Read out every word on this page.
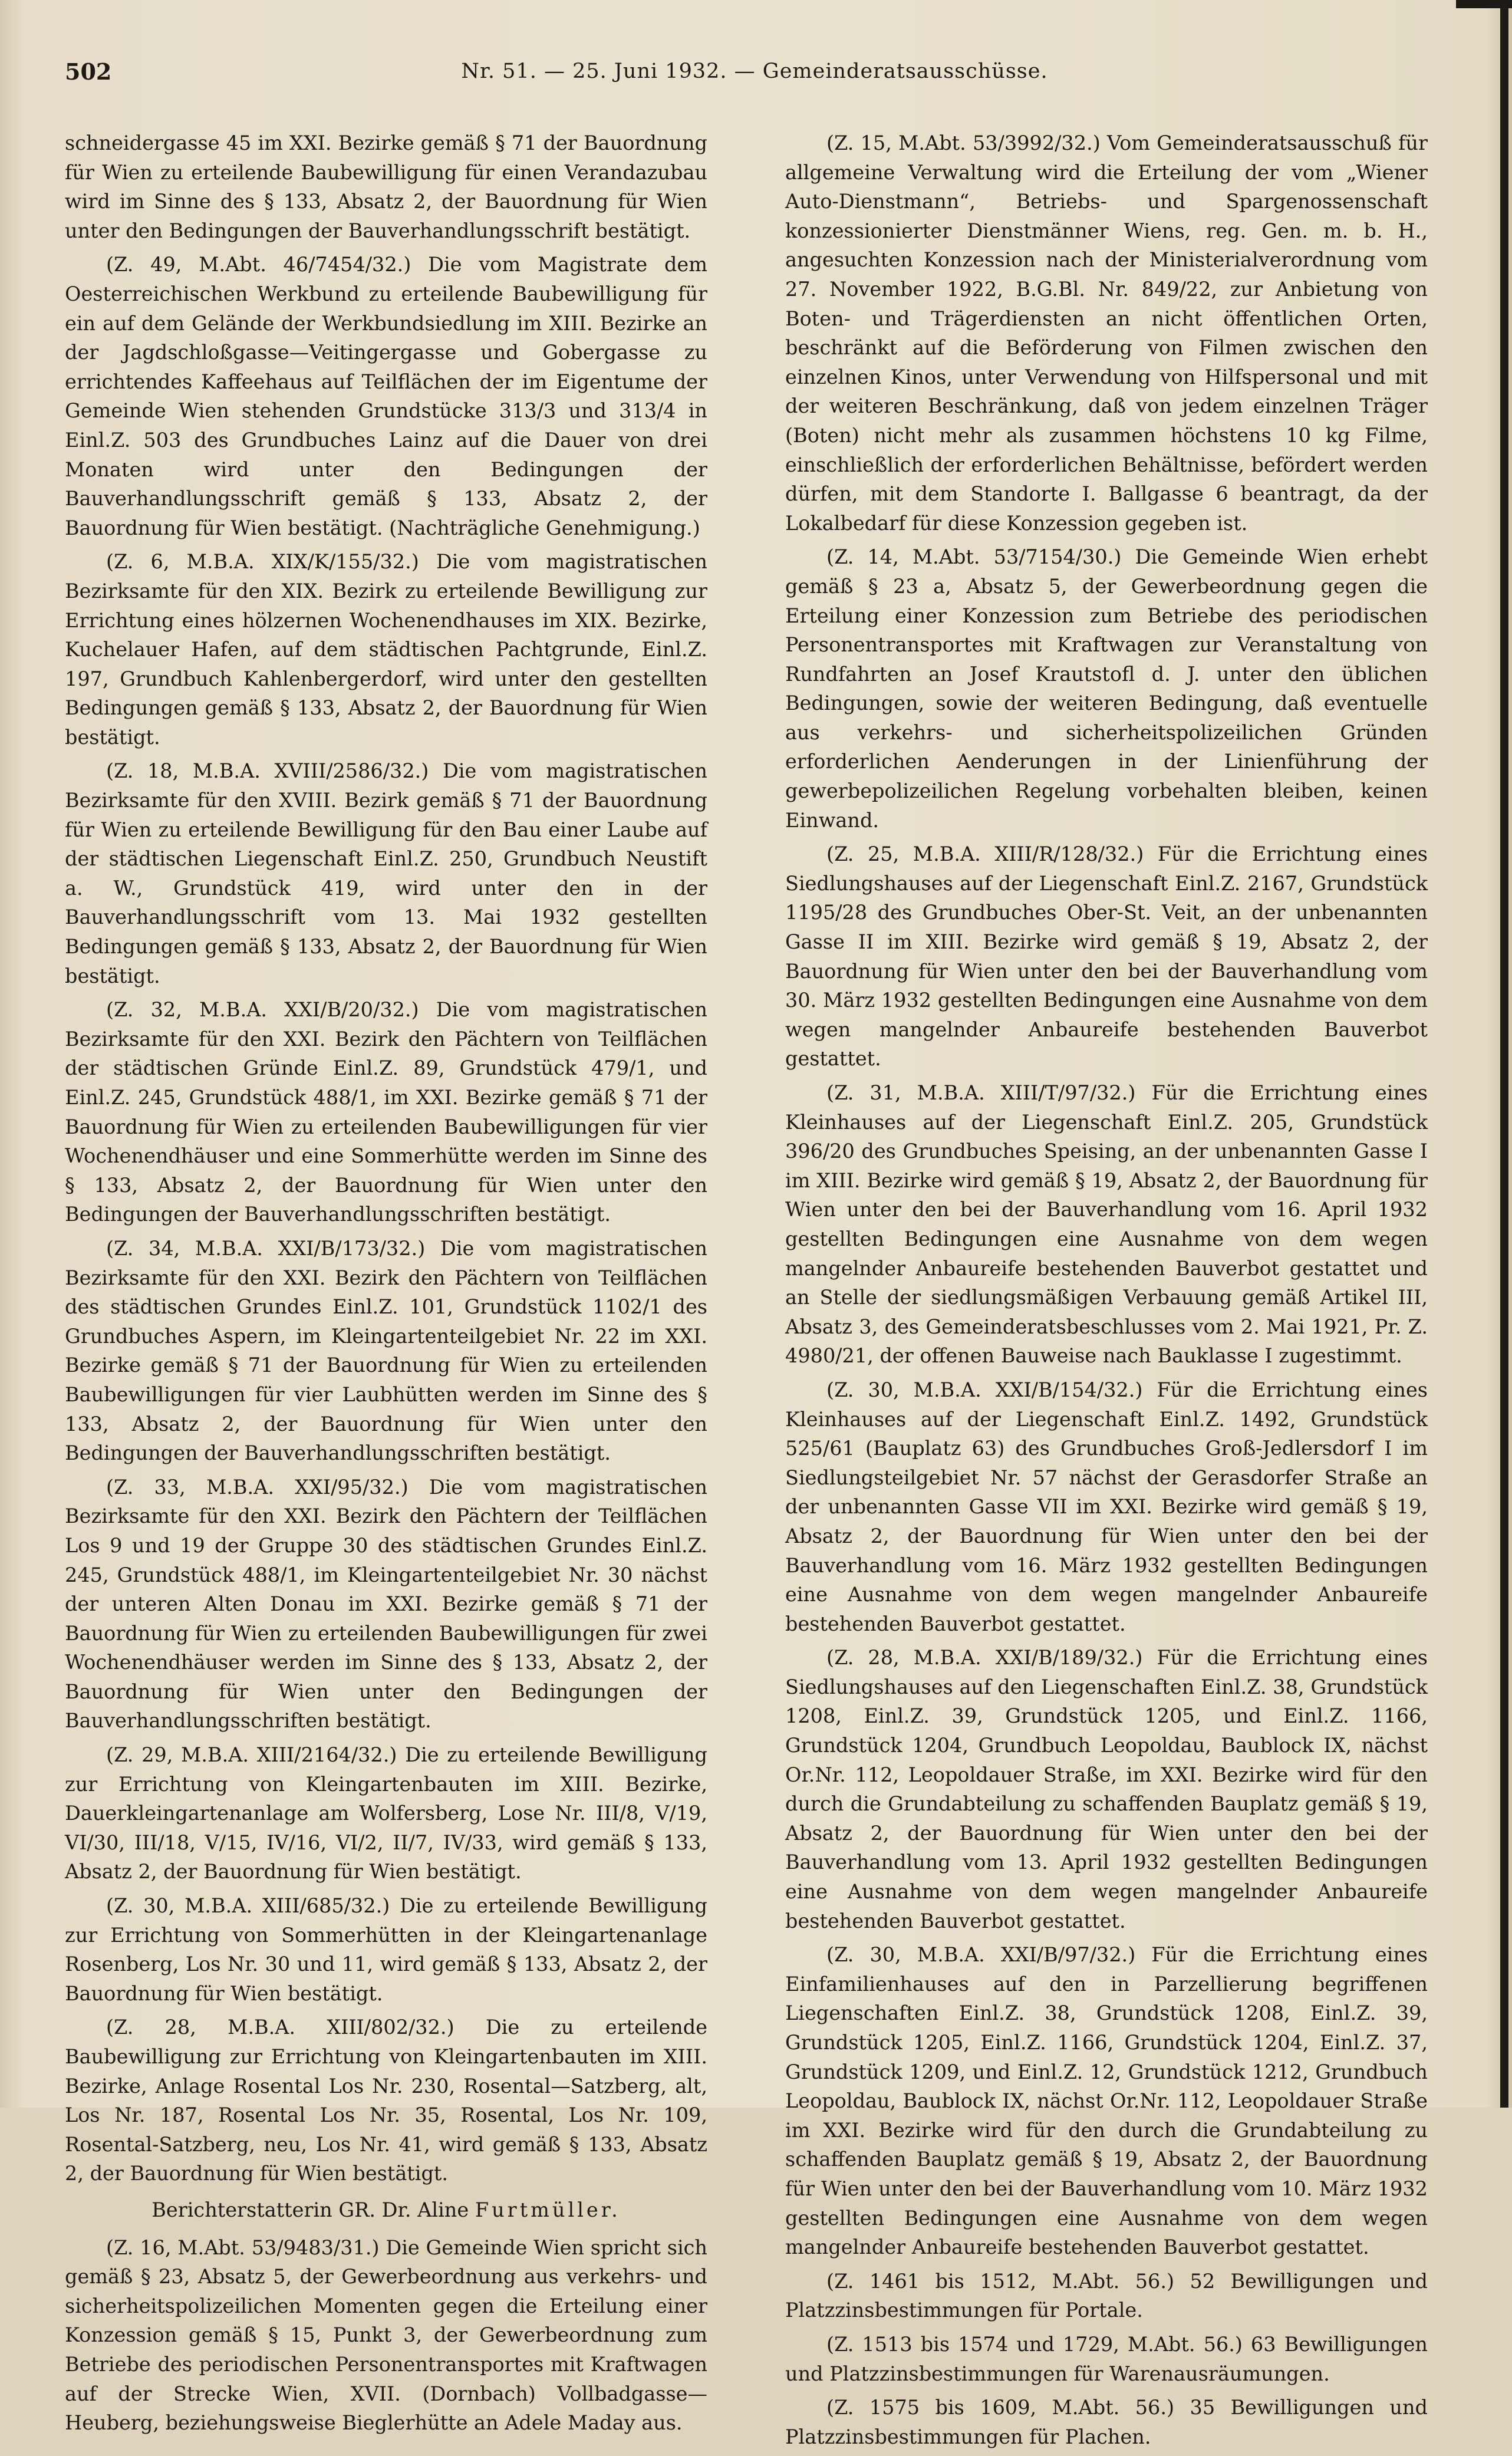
502	Nr. 51. — 25. Juni 1932. — Gemeinderatsausschüsse.

schneidergasse 45 im XXI. Bezirke gemäß § 71 der Bauordnung für Wien zu erteilende Baubewilligung für einen Verandazubau wird im Sinne des § 133, Absatz 2, der Bauordnung für Wien unter den Bedingungen der Bauverhandlungsschrift bestätigt.

(Z. 49, M.Abt. 46/7454/32.) Die vom Magistrate dem Oesterreichischen Werkbund zu erteilende Baubewilligung für ein auf dem Gelände der Werkbundsiedlung im XIII. Bezirke an der Jagdschloßgasse—Veitingergasse und Gobergasse zu errichtendes Kaffeehaus auf Teilflächen der im Eigentume der Gemeinde Wien stehenden Grundstücke 313/3 und 313/4 in Einl.Z. 503 des Grundbuches Lainz auf die Dauer von drei Monaten wird unter den Bedingungen der Bauverhandlungsschrift gemäß § 133, Absatz 2, der Bauordnung für Wien bestätigt. (Nachträgliche Genehmigung.)

(Z. 6, M.B.A. XIX/K/155/32.) Die vom magistratischen Bezirksamte für den XIX. Bezirk zu erteilende Bewilligung zur Errichtung eines hölzernen Wochenendhauses im XIX. Bezirke, Kuchelauer Hafen, auf dem städtischen Pachtgrunde, Einl.Z. 197, Grundbuch Kahlenbergerdorf, wird unter den gestellten Bedingungen gemäß § 133, Absatz 2, der Bauordnung für Wien bestätigt.

(Z. 18, M.B.A. XVIII/2586/32.) Die vom magistratischen Bezirksamte für den XVIII. Bezirk gemäß § 71 der Bauordnung für Wien zu erteilende Bewilligung für den Bau einer Laube auf der städtischen Liegenschaft Einl.Z. 250, Grundbuch Neustift a. W., Grundstück 419, wird unter den in der Bauverhandlungsschrift vom 13. Mai 1932 gestellten Bedingungen gemäß § 133, Absatz 2, der Bauordnung für Wien bestätigt.

(Z. 32, M.B.A. XXI/B/20/32.) Die vom magistratischen Bezirksamte für den XXI. Bezirk den Pächtern von Teilflächen der städtischen Gründe Einl.Z. 89, Grundstück 479/1, und Einl.Z. 245, Grundstück 488/1, im XXI. Bezirke gemäß § 71 der Bauordnung für Wien zu erteilenden Baubewilligungen für vier Wochenendhäuser und eine Sommerhütte werden im Sinne des § 133, Absatz 2, der Bauordnung für Wien unter den Bedingungen der Bauverhandlungsschriften bestätigt.

(Z. 34, M.B.A. XXI/B/173/32.) Die vom magistratischen Bezirksamte für den XXI. Bezirk den Pächtern von Teilflächen des städtischen Grundes Einl.Z. 101, Grundstück 1102/1 des Grundbuches Aspern, im Kleingartenteilgebiet Nr. 22 im XXI. Bezirke gemäß § 71 der Bauordnung für Wien zu erteilenden Baubewilligungen für vier Laubhütten werden im Sinne des § 133, Absatz 2, der Bauordnung für Wien unter den Bedingungen der Bauverhandlungsschriften bestätigt.

(Z. 33, M.B.A. XXI/95/32.) Die vom magistratischen Bezirksamte für den XXI. Bezirk den Pächtern der Teilflächen Los 9 und 19 der Gruppe 30 des städtischen Grundes Einl.Z. 245, Grundstück 488/1, im Kleingartenteilgebiet Nr. 30 nächst der unteren Alten Donau im XXI. Bezirke gemäß § 71 der Bauordnung für Wien zu erteilenden Baubewilligungen für zwei Wochenendhäuser werden im Sinne des § 133, Absatz 2, der Bauordnung für Wien unter den Bedingungen der Bauverhandlungsschriften bestätigt.

(Z. 29, M.B.A. XIII/2164/32.) Die zu erteilende Bewilligung zur Errichtung von Kleingartenbauten im XIII. Bezirke, Dauerkleingartenanlage am Wolfersberg, Lose Nr. III/8, V/19, VI/30, III/18, V/15, IV/16, VI/2, II/7, IV/33, wird gemäß § 133, Absatz 2, der Bauordnung für Wien bestätigt.

(Z. 30, M.B.A. XIII/685/32.) Die zu erteilende Bewilligung zur Errichtung von Sommerhütten in der Kleingartenanlage Rosenberg, Los Nr. 30 und 11, wird gemäß § 133, Absatz 2, der Bauordnung für Wien bestätigt.

(Z. 28, M.B.A. XIII/802/32.) Die zu erteilende Baubewilligung zur Errichtung von Kleingartenbauten im XIII. Bezirke, Anlage Rosental Los Nr. 230, Rosental—Satzberg, alt, Los Nr. 187, Rosental Los Nr. 35, Rosental, Los Nr. 109, Rosental-Satzberg, neu, Los Nr. 41, wird gemäß § 133, Absatz 2, der Bauordnung für Wien bestätigt.

Berichterstatterin GR. Dr. Aline Furtmüller.

(Z. 16, M.Abt. 53/9483/31.) Die Gemeinde Wien spricht sich gemäß § 23, Absatz 5, der Gewerbeordnung aus verkehrs- und sicherheitspolizeilichen Momenten gegen die Erteilung einer Konzession gemäß § 15, Punkt 3, der Gewerbeordnung zum Betriebe des periodischen Personentransportes mit Kraftwagen auf der Strecke Wien, XVII. (Dornbach) Vollbadgasse—Heuberg, beziehungsweise Bieglerhütte an Adele Maday aus.

(Z. 15, M.Abt. 53/3992/32.) Vom Gemeinderatsausschuß für allgemeine Verwaltung wird die Erteilung der vom „Wiener Auto-Dienstmann“, Betriebs- und Spargenossenschaft konzessionierter Dienstmänner Wiens, reg. Gen. m. b. H., angesuchten Konzession nach der Ministerialverordnung vom 27. November 1922, B.G.Bl. Nr. 849/22, zur Anbietung von Boten- und Trägerdiensten an nicht öffentlichen Orten, beschränkt auf die Beförderung von Filmen zwischen den einzelnen Kinos, unter Verwendung von Hilfspersonal und mit der weiteren Beschränkung, daß von jedem einzelnen Träger (Boten) nicht mehr als zusammen höchstens 10 kg Filme, einschließlich der erforderlichen Behältnisse, befördert werden dürfen, mit dem Standorte I. Ballgasse 6 beantragt, da der Lokalbedarf für diese Konzession gegeben ist.

(Z. 14, M.Abt. 53/7154/30.) Die Gemeinde Wien erhebt gemäß § 23 a, Absatz 5, der Gewerbeordnung gegen die Erteilung einer Konzession zum Betriebe des periodischen Personentransportes mit Kraftwagen zur Veranstaltung von Rundfahrten an Josef Krautstofl d. J. unter den üblichen Bedingungen, sowie der weiteren Bedingung, daß eventuelle aus verkehrs- und sicherheitspolizeilichen Gründen erforderlichen Aenderungen in der Linienführung der gewerbepolizeilichen Regelung vorbehalten bleiben, keinen Einwand.

(Z. 25, M.B.A. XIII/R/128/32.) Für die Errichtung eines Siedlungshauses auf der Liegenschaft Einl.Z. 2167, Grundstück 1195/28 des Grundbuches Ober-St. Veit, an der unbenannten Gasse II im XIII. Bezirke wird gemäß § 19, Absatz 2, der Bauordnung für Wien unter den bei der Bauverhandlung vom 30. März 1932 gestellten Bedingungen eine Ausnahme von dem wegen mangelnder Anbaureife bestehenden Bauverbot gestattet.

(Z. 31, M.B.A. XIII/T/97/32.) Für die Errichtung eines Kleinhauses auf der Liegenschaft Einl.Z. 205, Grundstück 396/20 des Grundbuches Speising, an der unbenannten Gasse I im XIII. Bezirke wird gemäß § 19, Absatz 2, der Bauordnung für Wien unter den bei der Bauverhandlung vom 16. April 1932 gestellten Bedingungen eine Ausnahme von dem wegen mangelnder Anbaureife bestehenden Bauverbot gestattet und an Stelle der siedlungsmäßigen Verbauung gemäß Artikel III, Absatz 3, des Gemeinderatsbeschlusses vom 2. Mai 1921, Pr. Z. 4980/21, der offenen Bauweise nach Bauklasse I zugestimmt.

(Z. 30, M.B.A. XXI/B/154/32.) Für die Errichtung eines Kleinhauses auf der Liegenschaft Einl.Z. 1492, Grundstück 525/61 (Bauplatz 63) des Grundbuches Groß-Jedlersdorf I im Siedlungsteilgebiet Nr. 57 nächst der Gerasdorfer Straße an der unbenannten Gasse VII im XXI. Bezirke wird gemäß § 19, Absatz 2, der Bauordnung für Wien unter den bei der Bauverhandlung vom 16. März 1932 gestellten Bedingungen eine Ausnahme von dem wegen mangelnder Anbaureife bestehenden Bauverbot gestattet.

(Z. 28, M.B.A. XXI/B/189/32.) Für die Errichtung eines Siedlungshauses auf den Liegenschaften Einl.Z. 38, Grundstück 1208, Einl.Z. 39, Grundstück 1205, und Einl.Z. 1166, Grundstück 1204, Grundbuch Leopoldau, Baublock IX, nächst Or.Nr. 112, Leopoldauer Straße, im XXI. Bezirke wird für den durch die Grundabteilung zu schaffenden Bauplatz gemäß § 19, Absatz 2, der Bauordnung für Wien unter den bei der Bauverhandlung vom 13. April 1932 gestellten Bedingungen eine Ausnahme von dem wegen mangelnder Anbaureife bestehenden Bauverbot gestattet.

(Z. 30, M.B.A. XXI/B/97/32.) Für die Errichtung eines Einfamilienhauses auf den in Parzellierung begriffenen Liegenschaften Einl.Z. 38, Grundstück 1208, Einl.Z. 39, Grundstück 1205, Einl.Z. 1166, Grundstück 1204, Einl.Z. 37, Grundstück 1209, und Einl.Z. 12, Grundstück 1212, Grundbuch Leopoldau, Baublock IX, nächst Or.Nr. 112, Leopoldauer Straße im XXI. Bezirke wird für den durch die Grundabteilung zu schaffenden Bauplatz gemäß § 19, Absatz 2, der Bauordnung für Wien unter den bei der Bauverhandlung vom 10. März 1932 gestellten Bedingungen eine Ausnahme von dem wegen mangelnder Anbaureife bestehenden Bauverbot gestattet.

(Z. 1461 bis 1512, M.Abt. 56.) 52 Bewilligungen und Platzzinsbestimmungen für Portale.

(Z. 1513 bis 1574 und 1729, M.Abt. 56.) 63 Bewilligungen und Platzzinsbestimmungen für Warenausräumungen.

(Z. 1575 bis 1609, M.Abt. 56.) 35 Bewilligungen und Platzzinsbestimmungen für Plachen.
